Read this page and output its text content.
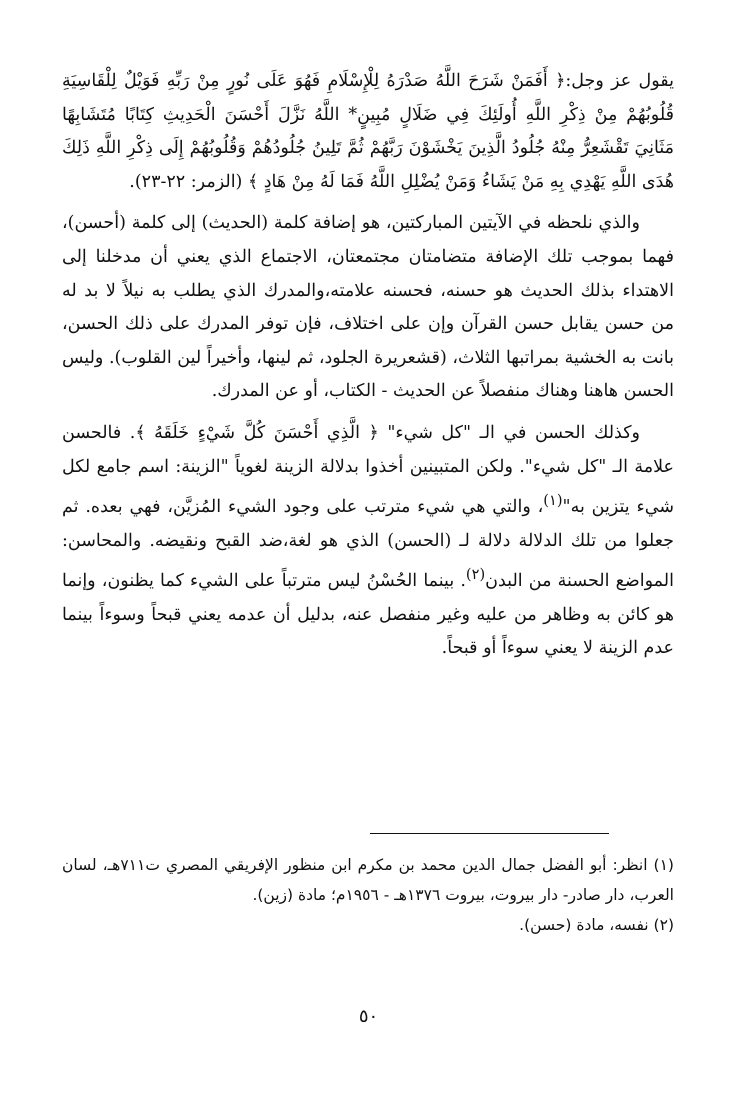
يقول عز وجل:﴿ أَفَمَنْ شَرَحَ اللَّهُ صَدْرَهُ لِلْإِسْلَامِ فَهُوَ عَلَى نُورٍ مِنْ رَبِّهِ فَوَيْلٌ لِلْقَاسِيَةِ قُلُوبُهُمْ مِنْ ذِكْرِ اللَّهِ أُولَئِكَ فِي ضَلَالٍ مُبِينٍ* اللَّهُ نَزَّلَ أَحْسَنَ الْحَدِيثِ كِتَابًا مُتَشَابِهًا مَثَانِيَ تَقْشَعِرُّ مِنْهُ جُلُودُ الَّذِينَ يَخْشَوْنَ رَبَّهُمْ ثُمَّ تَلِينُ جُلُودُهُمْ وَقُلُوبُهُمْ إِلَى ذِكْرِ اللَّهِ ذَلِكَ هُدَى اللَّهِ يَهْدِي بِهِ مَنْ يَشَاءُ وَمَنْ يُضْلِلِ اللَّهُ فَمَا لَهُ مِنْ هَادٍ ﴾ (الزمر: ٢٢-٢٣).

والذي نلحظه في الآيتين المباركتين، هو إضافة كلمة (الحديث) إلى كلمة (أحسن)، فهما بموجب تلك الإضافة متضامتان مجتمعتان، الاجتماع الذي يعني أن مدخلنا إلى الاهتداء بذلك الحديث هو حسنه، فحسنه علامته،والمدرك الذي يطلب به نيلاً لا بد له من حسن يقابل حسن القرآن وإن على اختلاف، فإن توفر المدرك على ذلك الحسن، بانت به الخشية بمراتبها الثلاث، (قشعريرة الجلود، ثم لينها، وأخيراً لين القلوب). وليس الحسن هاهنا وهناك منفصلاً عن الحديث - الكتاب، أو عن المدرك.

وكذلك الحسن في الـ "كل شيء" ﴿ الَّذِي أَحْسَنَ كُلَّ شَيْءٍ خَلَقَهُ ﴾. فالحسن علامة الـ "كل شيء". ولكن المتبينين أخذوا بدلالة الزينة لغوياً "الزينة: اسم جامع لكل شيء يتزين به"$^{(١)}$، والتي هي شيء مترتب على وجود الشيء المُزيَّن، فهي بعده. ثم جعلوا من تلك الدلالة دلالة لـ (الحسن) الذي هو لغة،ضد القبح ونقيضه. والمحاسن: المواضع الحسنة من البدن$^{(٢)}$. بينما الحُسْنُ ليس مترتباً على الشيء كما يظنون، وإنما هو كائن به وظاهر من عليه وغير منفصل عنه، بدليل أن عدمه يعني قبحاً وسوءاً بينما عدم الزينة لا يعني سوءاً أو قبحاً.

(١) انظر: أبو الفضل جمال الدين محمد بن مكرم ابن منظور الإفريقي المصري ت٧١١هـ، لسان العرب، دار صادر- دار بيروت، بيروت ١٣٧٦هـ - ١٩٥٦م؛ مادة (زين).

(٢) نفسه، مادة (حسن).

٥٠
